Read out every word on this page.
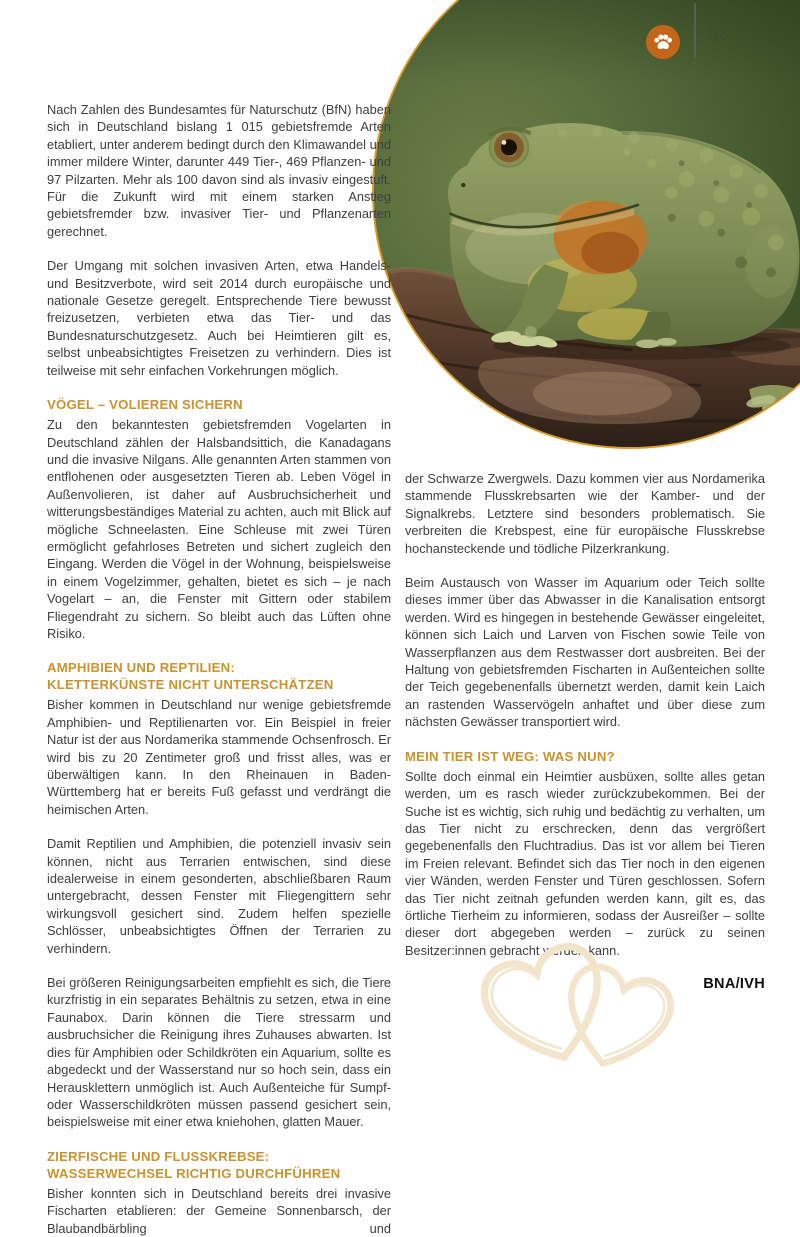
53

Nach Zahlen des Bundesamtes für Naturschutz (BfN) haben sich in Deutschland bislang 1 015 gebietsfremde Arten etabliert, unter anderem bedingt durch den Klimawandel und immer mildere Winter, darunter 449 Tier-, 469 Pflanzen- und 97 Pilzarten. Mehr als 100 davon sind als invasiv eingestuft. Für die Zukunft wird mit einem starken Anstieg gebietsfremder bzw. invasiver Tier- und Pflanzenarten gerechnet.

Der Umgang mit solchen invasiven Arten, etwa Handels- und Besitzverbote, wird seit 2014 durch europäische und nationale Gesetze geregelt. Entsprechende Tiere bewusst freizusetzen, verbieten etwa das Tier- und das Bundesnaturschutzgesetz. Auch bei Heimtieren gilt es, selbst unbeabsichtigtes Freisetzen zu verhindern. Dies ist teilweise mit sehr einfachen Vorkehrungen möglich.

VÖGEL – VOLIEREN SICHERN

Zu den bekanntesten gebietsfremden Vogelarten in Deutschland zählen der Halsbandsittich, die Kanadagans und die invasive Nilgans. Alle genannten Arten stammen von entflohenen oder ausgesetzten Tieren ab. Leben Vögel in Außenvolieren, ist daher auf Ausbruchsicherheit und witterungsbeständiges Material zu achten, auch mit Blick auf mögliche Schneelasten. Eine Schleuse mit zwei Türen ermöglicht gefahrloses Betreten und sichert zugleich den Eingang. Werden die Vögel in der Wohnung, beispielsweise in einem Vogelzimmer, gehalten, bietet es sich – je nach Vogelart – an, die Fenster mit Gittern oder stabilem Fliegendraht zu sichern. So bleibt auch das Lüften ohne Risiko.

AMPHIBIEN UND REPTILIEN:
KLETTERKÜNSTE NICHT UNTERSCHÄTZEN

Bisher kommen in Deutschland nur wenige gebietsfremde Amphibien- und Reptilienarten vor. Ein Beispiel in freier Natur ist der aus Nordamerika stammende Ochsenfrosch. Er wird bis zu 20 Zentimeter groß und frisst alles, was er überwältigen kann. In den Rheinauen in Baden-Württemberg hat er bereits Fuß gefasst und verdrängt die heimischen Arten.

Damit Reptilien und Amphibien, die potenziell invasiv sein können, nicht aus Terrarien entwischen, sind diese idealerweise in einem gesonderten, abschließbaren Raum untergebracht, dessen Fenster mit Fliegengittern sehr wirkungsvoll gesichert sind. Zudem helfen spezielle Schlösser, unbeabsichtigtes Öffnen der Terrarien zu verhindern.

Bei größeren Reinigungsarbeiten empfiehlt es sich, die Tiere kurzfristig in ein separates Behältnis zu setzen, etwa in eine Faunabox. Darin können die Tiere stressarm und ausbruchsicher die Reinigung ihres Zuhauses abwarten. Ist dies für Amphibien oder Schildkröten ein Aquarium, sollte es abgedeckt und der Wasserstand nur so hoch sein, dass ein Herausklettern unmöglich ist. Auch Außenteiche für Sumpf- oder Wasserschildkröten müssen passend gesichert sein, beispielsweise mit einer etwa kniehohen, glatten Mauer.

ZIERFISCHE UND FLUSSKREBSE:
WASSERWECHSEL RICHTIG DURCHFÜHREN

Bisher konnten sich in Deutschland bereits drei invasive Fischarten etablieren: der Gemeine Sonnenbarsch, der Blaubandbärbling und

der Schwarze Zwergwels. Dazu kommen vier aus Nordamerika stammende Flusskrebsarten wie der Kamber- und der Signalkrebs. Letztere sind besonders problematisch. Sie verbreiten die Krebspest, eine für europäische Flusskrebse hochansteckende und tödliche Pilzerkrankung.

Beim Austausch von Wasser im Aquarium oder Teich sollte dieses immer über das Abwasser in die Kanalisation entsorgt werden. Wird es hingegen in bestehende Gewässer eingeleitet, können sich Laich und Larven von Fischen sowie Teile von Wasserpflanzen aus dem Restwasser dort ausbreiten. Bei der Haltung von gebietsfremden Fischarten in Außenteichen sollte der Teich gegebenenfalls übernetzt werden, damit kein Laich an rastenden Wasservögeln anhaftet und über diese zum nächsten Gewässer transportiert wird.

MEIN TIER IST WEG: WAS NUN?

Sollte doch einmal ein Heimtier ausbüxen, sollte alles getan werden, um es rasch wieder zurückzubekommen. Bei der Suche ist es wichtig, sich ruhig und bedächtig zu verhalten, um das Tier nicht zu erschrecken, denn das vergrößert gegebenenfalls den Fluchtradius. Das ist vor allem bei Tieren im Freien relevant. Befindet sich das Tier noch in den eigenen vier Wänden, werden Fenster und Türen geschlossen. Sofern das Tier nicht zeitnah gefunden werden kann, gilt es, das örtliche Tierheim zu informieren, sodass der Ausreißer – sollte dieser dort abgegeben werden – zurück zu seinen Besitzer:innen gebracht werden kann.

BNA/IVH
